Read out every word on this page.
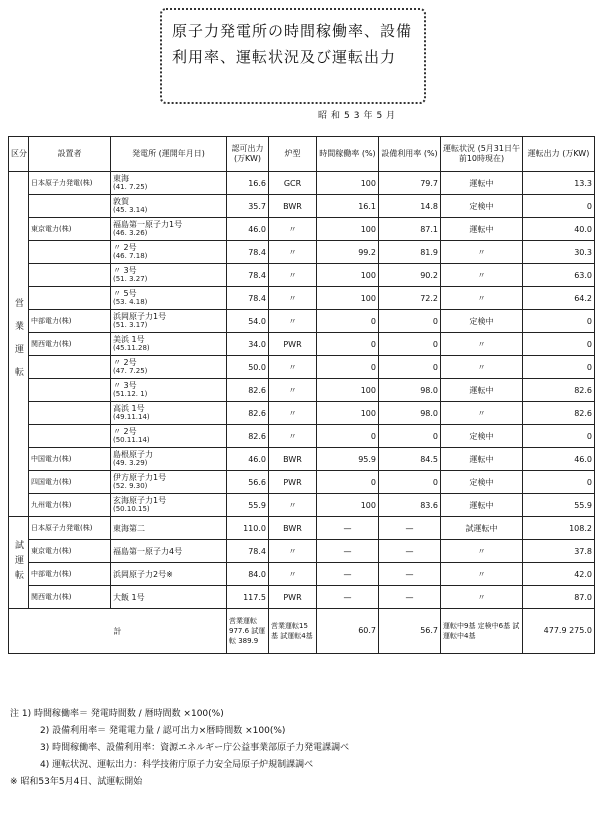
原子力発電所の時間稼働率、設備利用率、運転状況及び運転出力
昭和53年5月
区分	設置者	発電所 (運開年月日)	認可出力 (万KW)	炉型	時間稼働率 (%)	設備利用率 (%)	運転状況 (5月31日午前10時現在)	運転出力 (万KW)
営業運転	日本原子力発電(株)	東海
(41. 7.25)	16.6	GCR	100	79.7	運転中	13.3

		敦賀
(45. 3.14)	35.7	BWR	16.1	14.8	定検中	0
	東京電力(株)	福島第一原子力1号
(46. 3.26)	46.0	〃	100	87.1	運転中	40.0

		〃 2号
(46. 7.18)	78.4	〃	99.2	81.9	〃	30.3

		〃 3号
(51. 3.27)	78.4	〃	100	90.2	〃	63.0

		〃 5号
(53. 4.18)	78.4	〃	100	72.2	〃	64.2
	中部電力(株)	浜岡原子力1号
(51. 3.17)	54.0	〃	0	0	定検中	0
	関西電力(株)	美浜 1号
(45.11.28)	34.0	PWR	0	0	〃	0

		〃 2号
(47. 7.25)	50.0	〃	0	0	〃	0

		〃 3号
(51.12. 1)	82.6	〃	100	98.0	運転中	82.6

		高浜 1号
(49.11.14)	82.6	〃	100	98.0	〃	82.6

		〃 2号
(50.11.14)	82.6	〃	0	0	定検中	0
	中国電力(株)	島根原子力
(49. 3.29)	46.0	BWR	95.9	84.5	運転中	46.0
	四国電力(株)	伊方原子力1号
(52. 9.30)	56.6	PWR	0	0	定検中	0
	九州電力(株)	玄海原子力1号
(50.10.15)	55.9	〃	100	83.6	運転中	55.9
試運転	日本原子力発電(株)	東海第二	110.0	BWR	—	—	試運転中	108.2
	東京電力(株)	福島第一原子力4号	78.4	〃	—	—	〃	37.8
	中部電力(株)	浜岡原子力2号※	84.0	〃	—	—	〃	42.0
	関西電力(株)	大飯 1号	117.5	PWR	—	—	〃	87.0
計			営業運転 977.6 試運転 389.9	営業運転15基 試運転4基	60.7	56.7	運転中9基 定検中6基 試運転中4基	477.9 275.0
注 1) 時間稼働率＝ 発電時間数 / 暦時間数 ×100(%)
2) 設備利用率＝ 発電電力量 / 認可出力×暦時間数 ×100(%)
3) 時間稼働率、設備利用率：資源エネルギー庁公益事業部原子力発電課調べ
4) 運転状況、運転出力：科学技術庁原子力安全局原子炉規制課調べ
※ 昭和53年5月4日、試運転開始
